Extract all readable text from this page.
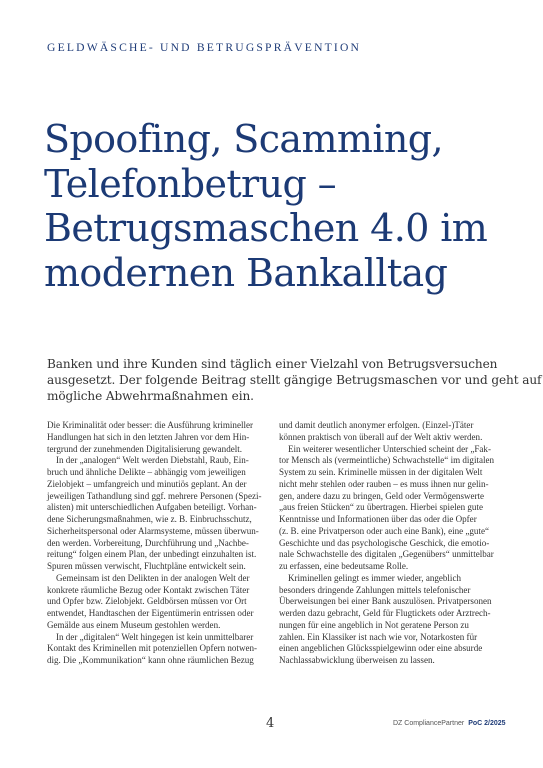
GELDWÄSCHE- UND BETRUGSPRÄVENTION
Spoofing, Scamming,
Telefonbetrug –
Betrugsmaschen 4.0 im
modernen Bankalltag
Banken und ihre Kunden sind täglich einer Vielzahl von Betrugsversuchen
ausgesetzt. Der folgende Beitrag stellt gängige Betrugsmaschen vor und geht auf
mögliche Abwehrmaßnahmen ein.
Die Kriminalität oder besser: die Ausführung krimineller
Handlungen hat sich in den letzten Jahren vor dem Hin-
tergrund der zunehmenden Digitalisierung gewandelt.
In der „analogen“ Welt werden Diebstahl, Raub, Ein-
bruch und ähnliche Delikte – abhängig vom jeweiligen
Zielobjekt – umfangreich und minutiös geplant. An der
jeweiligen Tathandlung sind ggf. mehrere Personen (Spezi-
alisten) mit unterschiedlichen Aufgaben beteiligt. Vorhan-
dene Sicherungsmaßnahmen, wie z. B. Einbruchsschutz,
Sicherheitspersonal oder Alarmsysteme, müssen überwun-
den werden. Vorbereitung, Durchführung und „Nachbe-
reitung“ folgen einem Plan, der unbedingt einzuhalten ist.
Spuren müssen verwischt, Fluchtpläne entwickelt sein.
Gemeinsam ist den Delikten in der analogen Welt der
konkrete räumliche Bezug oder Kontakt zwischen Täter
und Opfer bzw. Zielobjekt. Geldbörsen müssen vor Ort
entwendet, Handtaschen der Eigentümerin entrissen oder
Gemälde aus einem Museum gestohlen werden.
In der „digitalen“ Welt hingegen ist kein unmittelbarer
Kontakt des Kriminellen mit potenziellen Opfern notwen-
dig. Die „Kommunikation“ kann ohne räumlichen Bezug
und damit deutlich anonymer erfolgen. (Einzel-)Täter
können praktisch von überall auf der Welt aktiv werden.
Ein weiterer wesentlicher Unterschied scheint der „Fak-
tor Mensch als (vermeintliche) Schwachstelle“ im digitalen
System zu sein. Kriminelle müssen in der digitalen Welt
nicht mehr stehlen oder rauben – es muss ihnen nur gelin-
gen, andere dazu zu bringen, Geld oder Vermögenswerte
„aus freien Stücken“ zu übertragen. Hierbei spielen gute
Kenntnisse und Informationen über das oder die Opfer
(z. B. eine Privatperson oder auch eine Bank), eine „gute“
Geschichte und das psychologische Geschick, die emotio-
nale Schwachstelle des digitalen „Gegenübers“ unmittelbar
zu erfassen, eine bedeutsame Rolle.
Kriminellen gelingt es immer wieder, angeblich
besonders dringende Zahlungen mittels telefonischer
Überweisungen bei einer Bank auszulösen. Privatpersonen
werden dazu gebracht, Geld für Flugtickets oder Arztrech-
nungen für eine angeblich in Not geratene Person zu
zahlen. Ein Klassiker ist nach wie vor, Notarkosten für
einen angeblichen Glücksspielgewinn oder eine absurde
Nachlassabwicklung überweisen zu lassen.
4	DZ CompliancePartner PoC 2/2025
